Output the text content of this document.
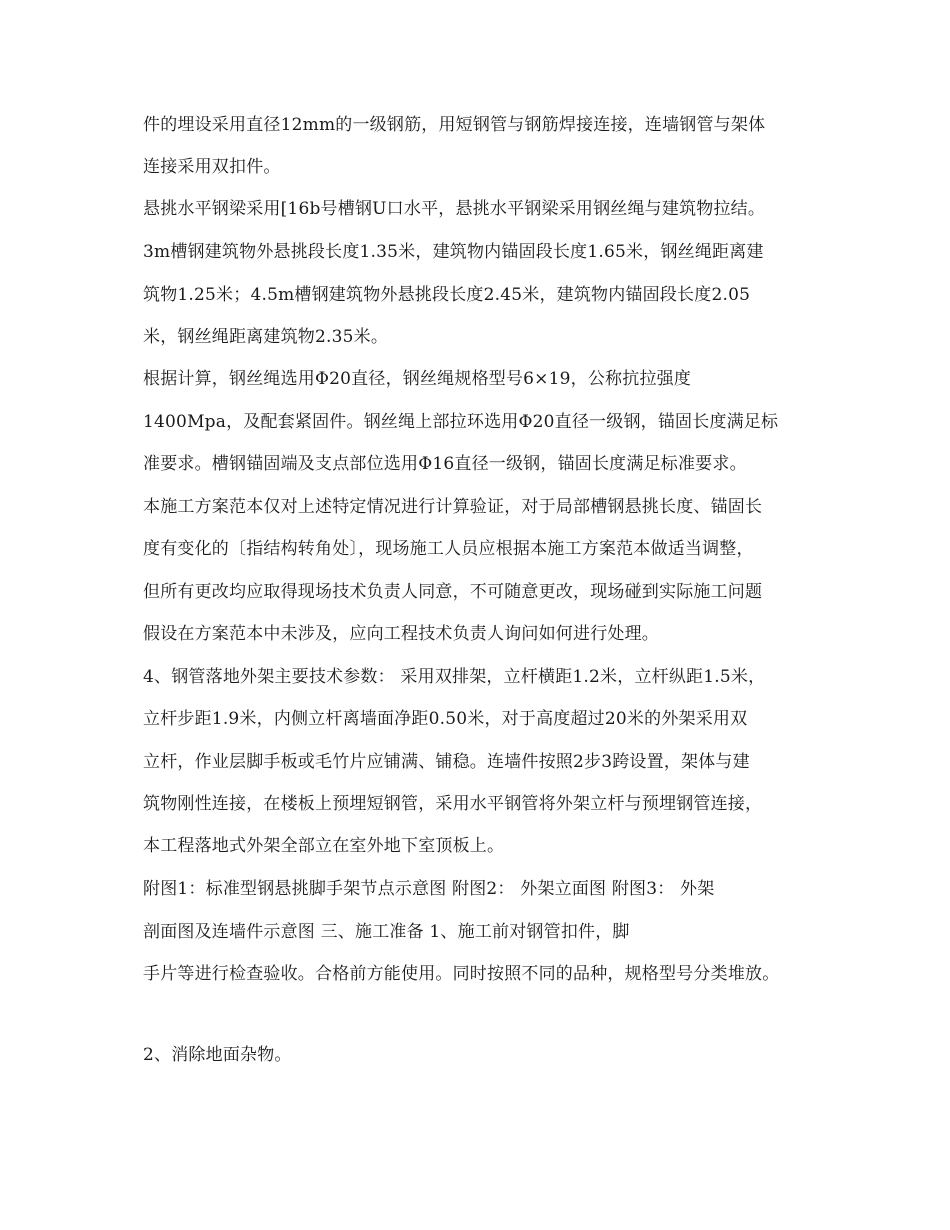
件的埋设采用直径12mm的一级钢筋，用短钢管与钢筋焊接连接，连墙钢管与架体
连接采用双扣件。
悬挑水平钢梁采用[16b号槽钢U口水平，悬挑水平钢梁采用钢丝绳与建筑物拉结。
3m槽钢建筑物外悬挑段长度1.35米，建筑物内锚固段长度1.65米，钢丝绳距离建
筑物1.25米；4.5m槽钢建筑物外悬挑段长度2.45米，建筑物内锚固段长度2.05
米，钢丝绳距离建筑物2.35米。
根据计算，钢丝绳选用Φ20直径，钢丝绳规格型号6×19，公称抗拉强度
1400Mpa，及配套紧固件。钢丝绳上部拉环选用Φ20直径一级钢，锚固长度满足标
准要求。槽钢锚固端及支点部位选用Φ16直径一级钢，锚固长度满足标准要求。
本施工方案范本仅对上述特定情况进行计算验证，对于局部槽钢悬挑长度、锚固长
度有变化的〔指结构转角处〕，现场施工人员应根据本施工方案范本做适当调整，
但所有更改均应取得现场技术负责人同意，不可随意更改，现场碰到实际施工问题
假设在方案范本中未涉及，应向工程技术负责人询问如何进行处理。
4、钢管落地外架主要技术参数： 采用双排架，立杆横距1.2米，立杆纵距1.5米，
立杆步距1.9米，内侧立杆离墙面净距0.50米，对于高度超过20米的外架采用双
立杆，作业层脚手板或毛竹片应铺满、铺稳。连墙件按照2步3跨设置，架体与建
筑物刚性连接，在楼板上预埋短钢管，采用水平钢管将外架立杆与预埋钢管连接，
本工程落地式外架全部立在室外地下室顶板上。
附图1：标准型钢悬挑脚手架节点示意图 附图2： 外架立面图 附图3： 外架
剖面图及连墙件示意图 三、施工准备 1、施工前对钢管扣件，脚
手片等进行检查验收。合格前方能使用。同时按照不同的品种，规格型号分类堆放。
2、消除地面杂物。
